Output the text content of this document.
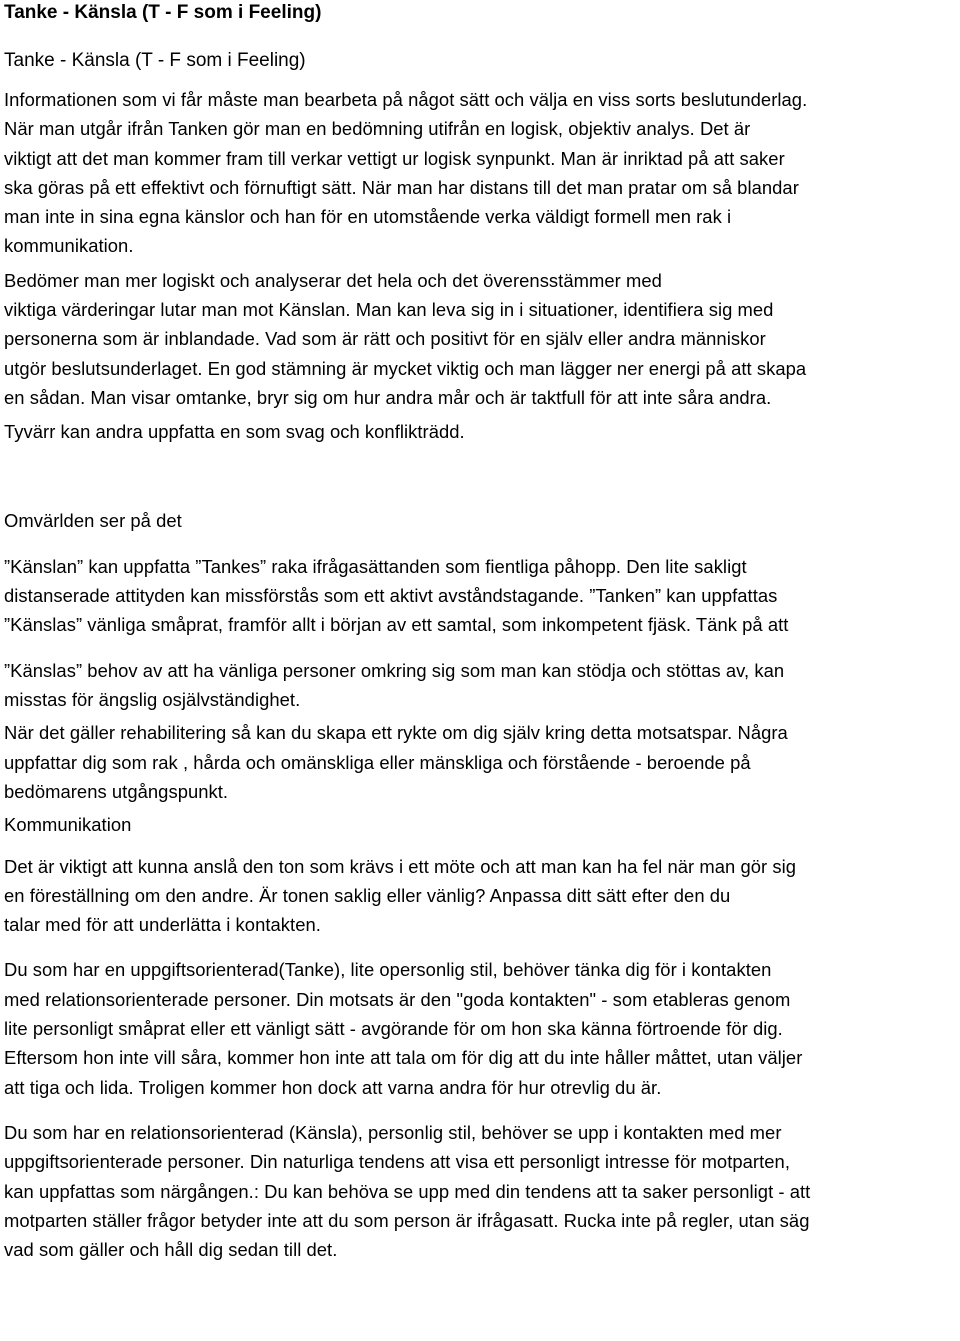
Tanke - Känsla (T - F som i Feeling)
Tanke - Känsla (T - F som i Feeling)

Informationen som vi får måste man bearbeta på något sätt och välja en viss sorts beslutunderlag.
När man utgår ifrån Tanken gör man en bedömning utifrån en logisk, objektiv analys. Det är
viktigt att det man kommer fram till verkar vettigt ur logisk synpunkt. Man är inriktad på att saker
ska göras på ett effektivt och förnuftigt sätt. När man har distans till det man pratar om så blandar
man inte in sina egna känslor och han för en utomstående verka väldigt formell men rak i
kommunikation.

Bedömer man mer logiskt och analyserar det hela och det överensstämmer med
viktiga värderingar lutar man mot Känslan. Man kan leva sig in i situationer, identifiera sig med
personerna som är inblandade. Vad som är rätt och positivt för en själv eller andra människor
utgör beslutsunderlaget. En god stämning är mycket viktig och man lägger ner energi på att skapa
en sådan. Man visar omtanke, bryr sig om hur andra mår och är taktfull för att inte såra andra.

Tyvärr kan andra uppfatta en som svag och konflikträdd.

Omvärlden ser på det

”Känslan” kan uppfatta ”Tankes” raka ifrågasättanden som fientliga påhopp. Den lite sakligt
distanserade attityden kan missförstås som ett aktivt avståndstagande. ”Tanken” kan uppfattas
”Känslas” vänliga småprat, framför allt i början av ett samtal, som inkompetent fjäsk. Tänk på att

”Känslas” behov av att ha vänliga personer omkring sig som man kan stödja och stöttas av, kan
misstas för ängslig osjälvständighet.

När det gäller rehabilitering så kan du skapa ett rykte om dig själv kring detta motsatspar. Några
uppfattar dig som rak , hårda och omänskliga eller mänskliga och förstående - beroende på
bedömarens utgångspunkt.

Kommunikation

Det är viktigt att kunna anslå den ton som krävs i ett möte och att man kan ha fel när man gör sig
en föreställning om den andre. Är tonen saklig eller vänlig? Anpassa ditt sätt efter den du
talar med för att underlätta i kontakten.

Du som har en uppgiftsorienterad(Tanke), lite opersonlig stil, behöver tänka dig för i kontakten
med relationsorienterade personer. Din motsats är den "goda kontakten" - som etableras genom
lite personligt småprat eller ett vänligt sätt - avgörande för om hon ska känna förtroende för dig.
Eftersom hon inte vill såra, kommer hon inte att tala om för dig att du inte håller måttet, utan väljer
att tiga och lida. Troligen kommer hon dock att varna andra för hur otrevlig du är.

Du som har en relationsorienterad (Känsla), personlig stil, behöver se upp i kontakten med mer
uppgiftsorienterade personer. Din naturliga tendens att visa ett personligt intresse för motparten,
kan uppfattas som närgången.: Du kan behöva se upp med din tendens att ta saker personligt - att
motparten ställer frågor betyder inte att du som person är ifrågasatt. Rucka inte på regler, utan säg
vad som gäller och håll dig sedan till det.
